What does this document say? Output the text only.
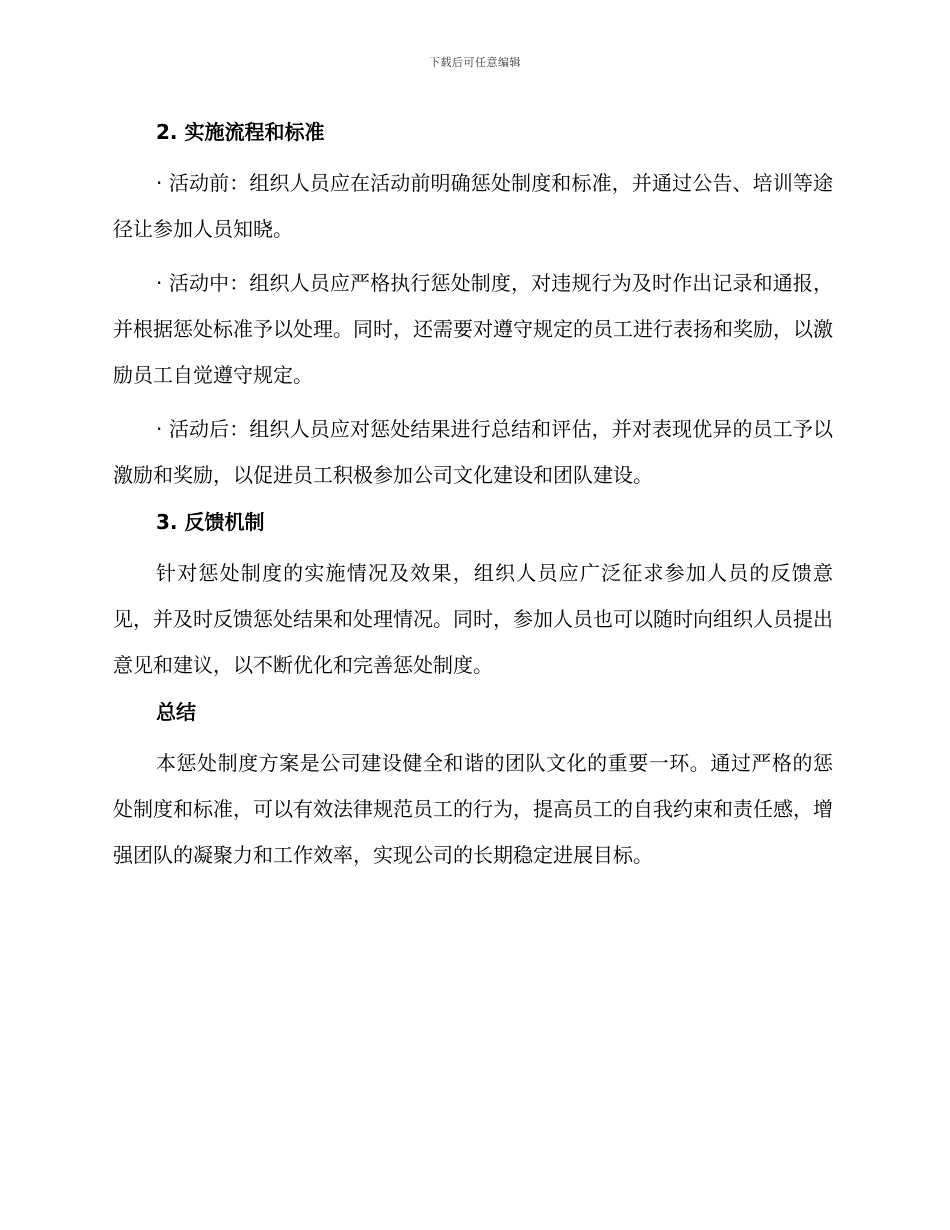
下载后可任意编辑
2. 实施流程和标准

· 活动前：组织人员应在活动前明确惩处制度和标准，并通过公告、培训等途径让参加人员知晓。

· 活动中：组织人员应严格执行惩处制度，对违规行为及时作出记录和通报，并根据惩处标准予以处理。同时，还需要对遵守规定的员工进行表扬和奖励，以激励员工自觉遵守规定。

· 活动后：组织人员应对惩处结果进行总结和评估，并对表现优异的员工予以激励和奖励，以促进员工积极参加公司文化建设和团队建设。

3. 反馈机制

针对惩处制度的实施情况及效果，组织人员应广泛征求参加人员的反馈意见，并及时反馈惩处结果和处理情况。同时，参加人员也可以随时向组织人员提出意见和建议，以不断优化和完善惩处制度。

总结

本惩处制度方案是公司建设健全和谐的团队文化的重要一环。通过严格的惩处制度和标准，可以有效法律规范员工的行为，提高员工的自我约束和责任感，增强团队的凝聚力和工作效率，实现公司的长期稳定进展目标。
